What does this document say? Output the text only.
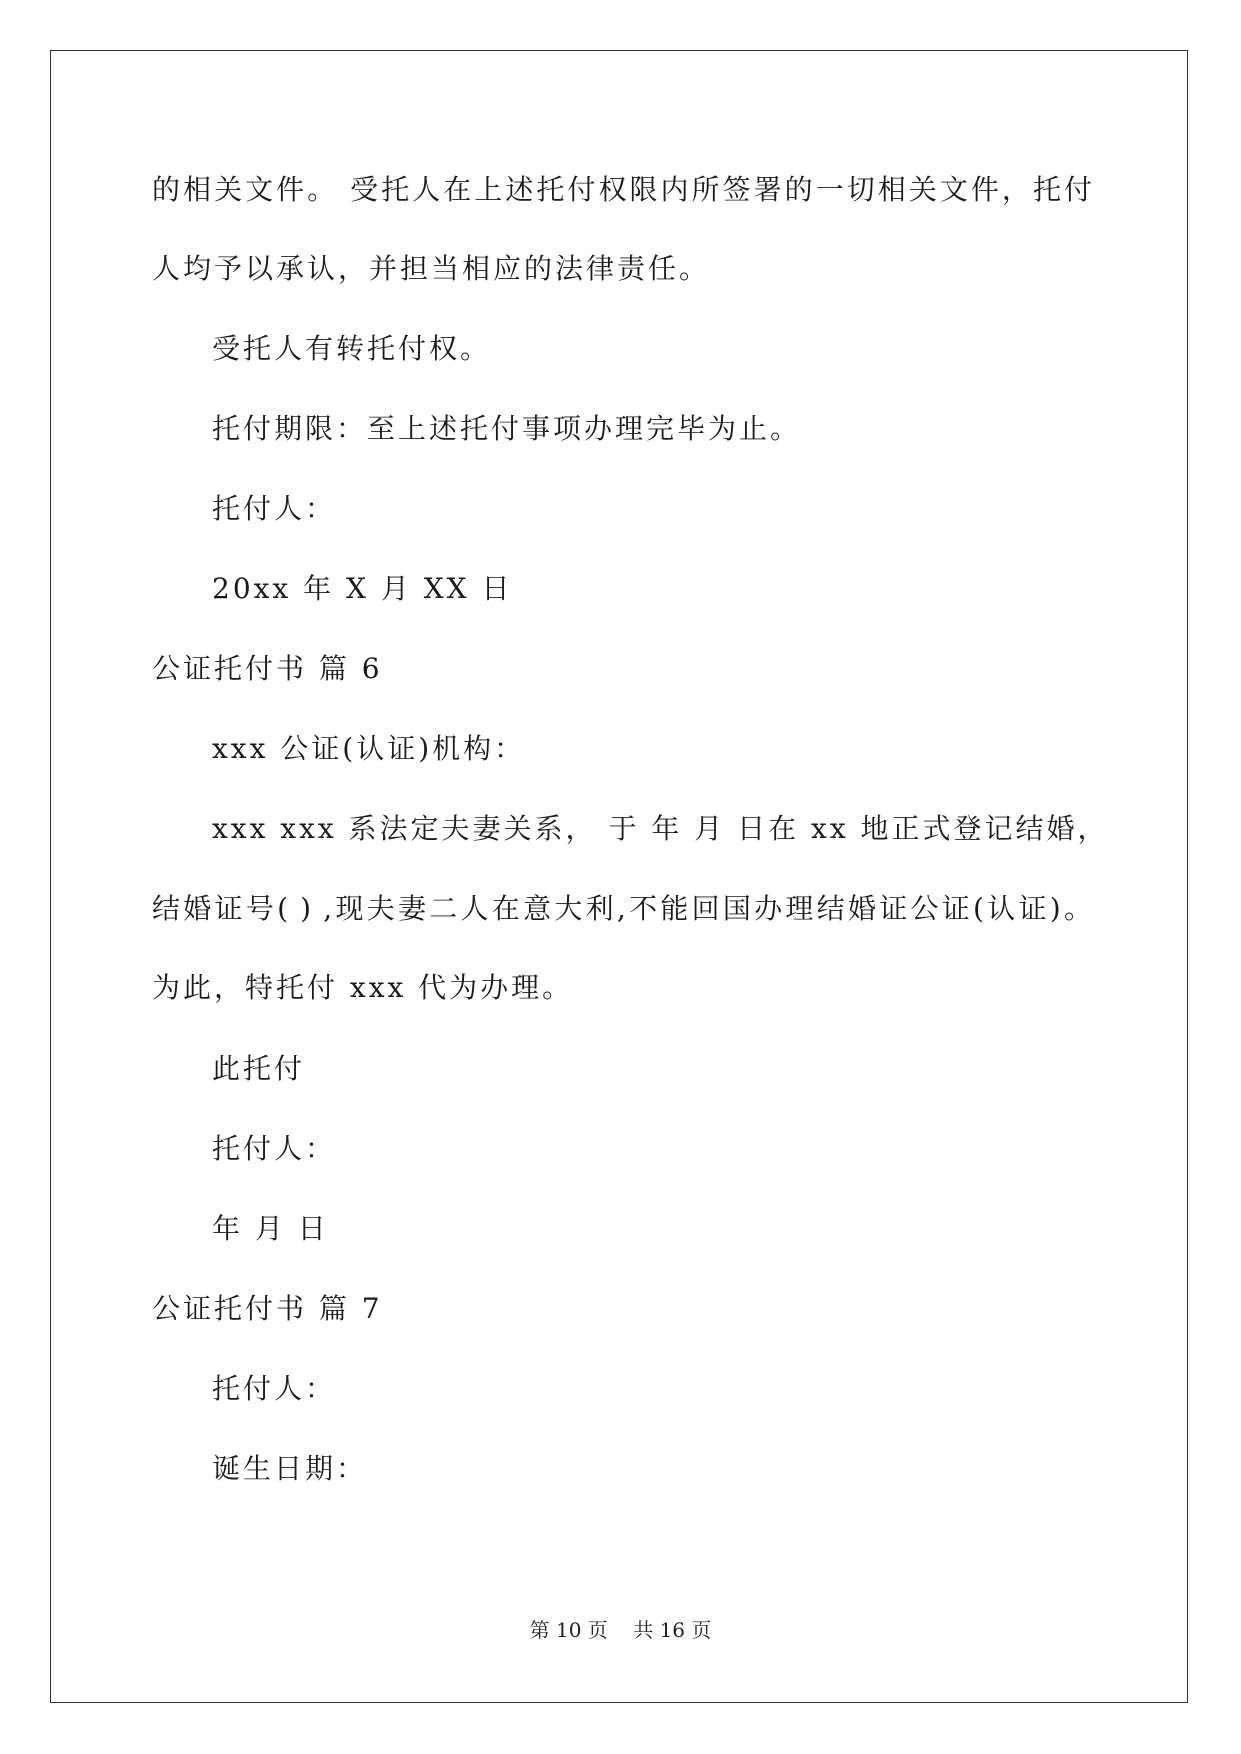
的相关文件。 受托人在上述托付权限内所签署的一切相关文件，托付
人均予以承认，并担当相应的法律责任。
受托人有转托付权。
托付期限：至上述托付事项办理完毕为止。
托付人：
20xx 年 X 月 XX 日
公证托付书 篇 6
xxx 公证(认证)机构：
xxx xxx 系法定夫妻关系， 于 年 月 日在 xx 地正式登记结婚，
结婚证号( ) ,现夫妻二人在意大利,不能回国办理结婚证公证(认证)。
为此，特托付 xxx 代为办理。
此托付
托付人：
年 月 日
公证托付书 篇 7
托付人：
诞生日期：
第 10 页 共 16 页
